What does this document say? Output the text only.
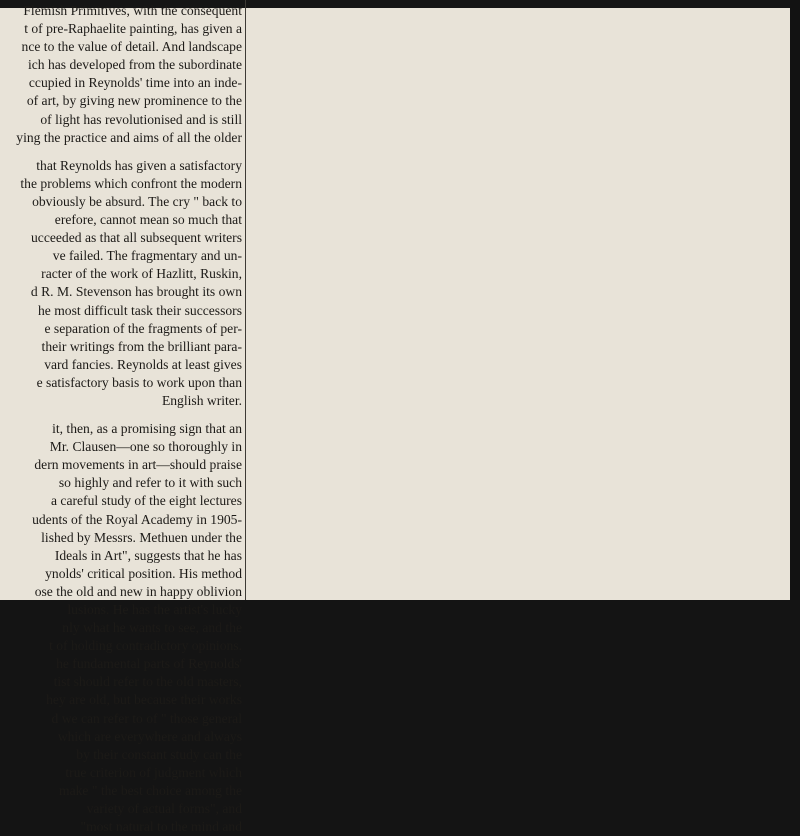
Flemish Primitives, with the consequent
t of pre-Raphaelite painting, has given a
nce to the value of detail. And landscape
ich has developed from the subordinate
ccupied in Reynolds' time into an inde-
of art, by giving new prominence to the
of light has revolutionised and is still
ying the practice and aims of all the older
that Reynolds has given a satisfactory
the problems which confront the modern
obviously be absurd. The cry " back to
erefore, cannot mean so much that
ucceeded as that all subsequent writers
ve failed. The fragmentary and un-
racter of the work of Hazlitt, Ruskin,
d R. M. Stevenson has brought its own
he most difficult task their successors
e separation of the fragments of per-
their writings from the brilliant para-
vard fancies. Reynolds at least gives
e satisfactory basis to work upon than
English writer.
it, then, as a promising sign that an
Mr. Clausen—one so thoroughly in
dern movements in art—should praise
so highly and refer to it with such
a careful study of the eight lectures
udents of the Royal Academy in 1905-
lished by Messrs. Methuen under the
Ideals in Art", suggests that he has
ynolds' critical position. His method
ose the old and new in happy oblivion
lusions. He has the artist's lucky
nly what he wants to see, and the
t of holding contradictory opinions.
he fundamental parts of Reynolds'
tist should refer to the old masters,
hey are old, but because their works
d we can refer to of " those general
which are everywhere and always
by their constant study can the
true criterion of judgment which
make " the best choice among the
variety of actual forms", and
"most natural to the mind and
